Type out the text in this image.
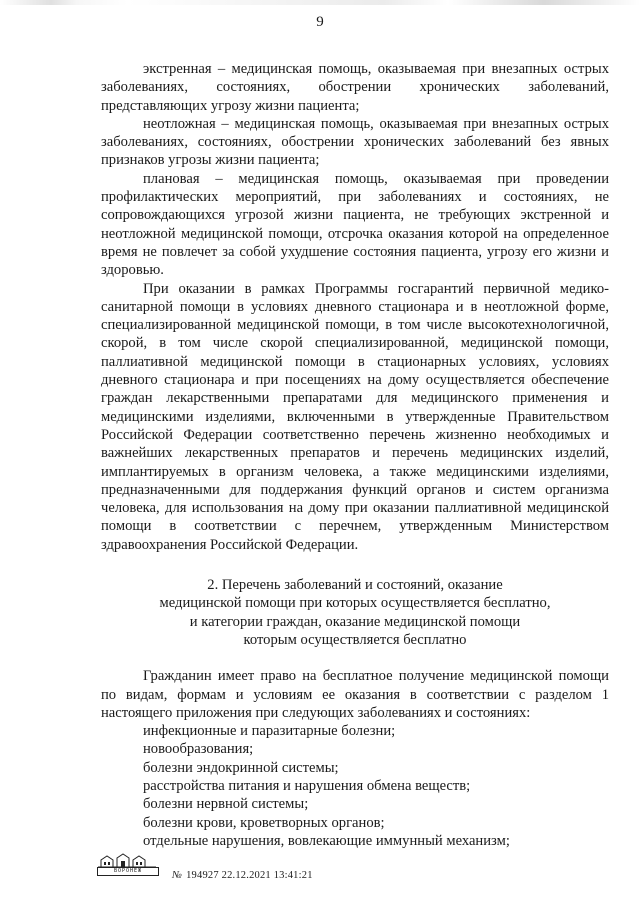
9

экстренная – медицинская помощь, оказываемая при внезапных острых заболеваниях, состояниях, обострении хронических заболеваний, представляющих угрозу жизни пациента;

неотложная – медицинская помощь, оказываемая при внезапных острых заболеваниях, состояниях, обострении хронических заболеваний без явных признаков угрозы жизни пациента;

плановая – медицинская помощь, оказываемая при проведении профилактических мероприятий, при заболеваниях и состояниях, не сопровождающихся угрозой жизни пациента, не требующих экстренной и неотложной медицинской помощи, отсрочка оказания которой на определенное время не повлечет за собой ухудшение состояния пациента, угрозу его жизни и здоровью.

При оказании в рамках Программы госгарантий первичной медико-санитарной помощи в условиях дневного стационара и в неотложной форме, специализированной медицинской помощи, в том числе высокотехнологичной, скорой, в том числе скорой специализированной, медицинской помощи, паллиативной медицинской помощи в стационарных условиях, условиях дневного стационара и при посещениях на дому осуществляется обеспечение граждан лекарственными препаратами для медицинского применения и медицинскими изделиями, включенными в утвержденные Правительством Российской Федерации соответственно перечень жизненно необходимых и важнейших лекарственных препаратов и перечень медицинских изделий, имплантируемых в организм человека, а также медицинскими изделиями, предназначенными для поддержания функций органов и систем организма человека, для использования на дому при оказании паллиативной медицинской помощи в соответствии с перечнем, утвержденным Министерством здравоохранения Российской Федерации.

2. Перечень заболеваний и состояний, оказание
медицинской помощи при которых осуществляется бесплатно,
и категории граждан, оказание медицинской помощи
которым осуществляется бесплатно

Гражданин имеет право на бесплатное получение медицинской помощи по видам, формам и условиям ее оказания в соответствии с разделом 1 настоящего приложения при следующих заболеваниях и состояниях:

инфекционные и паразитарные болезни;
новообразования;
болезни эндокринной системы;
расстройства питания и нарушения обмена веществ;
болезни нервной системы;
болезни крови, кроветворных органов;
отдельные нарушения, вовлекающие иммунный механизм;
ВОРОНЕЖ	№ 194927 22.12.2021 13:41:21
